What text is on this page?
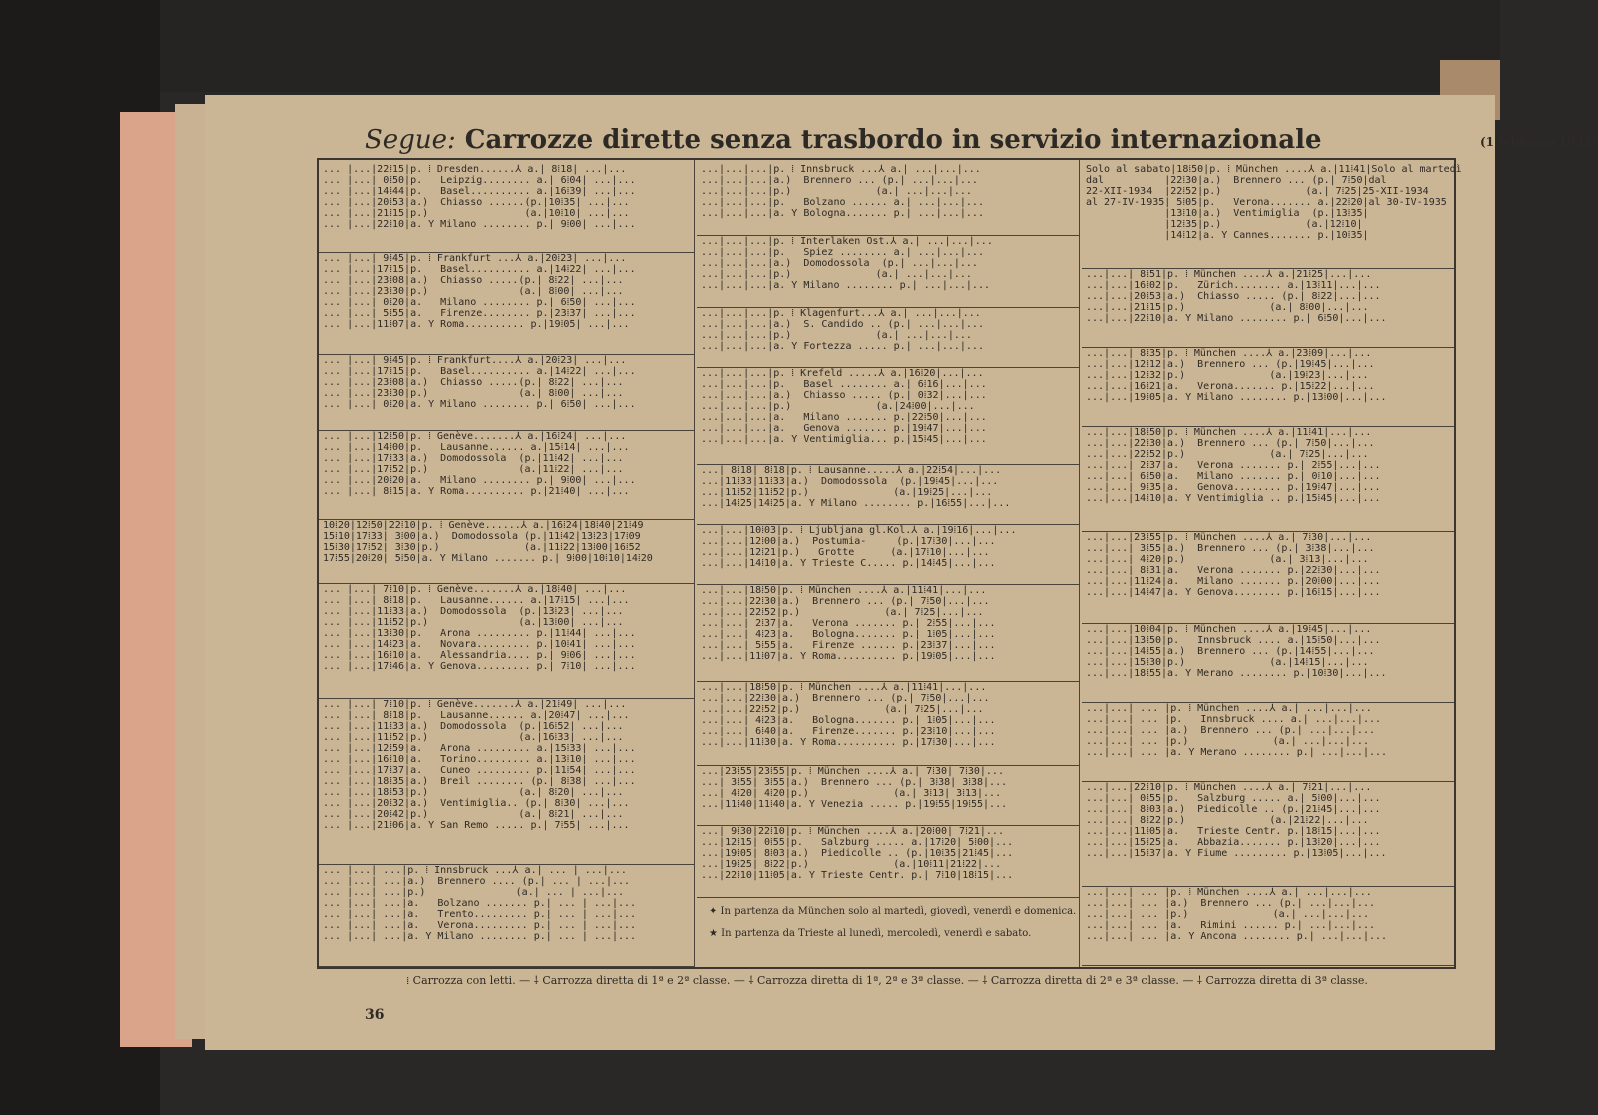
Segue: Carrozze dirette senza trasbordo in servizio internazionale	(1 febbraio 1935)
... |...|22⁞15|p. ⁞ Dresden......⅄ a.| 8⁞18| ...|...
... |...| 0⁞50|p.   Leipzig........ a.| 6⁞04| ...|...
... |...|14⁞44|p.   Basel.......... a.|16⁞39| ...|...
... |...|20⁞53|a.)  Chiasso ......(p.|10⁞35| ...|...
... |...|21⁞15|p.)                (a.|10⁞10| ...|...
... |...|22⁞10|a. Y Milano ........ p.| 9⁞00| ...|...
... |...| 9⁞45|p. ⁞ Frankfurt ...⅄ a.|20⁞23| ...|...
... |...|17⁞15|p.   Basel.......... a.|14⁞22| ...|...
... |...|23⁞08|a.)  Chiasso .....(p.| 8⁞22| ...|...
... |...|23⁞30|p.)               (a.| 8⁞00| ...|...
... |...| 0⁞20|a.   Milano ........ p.| 6⁞50| ...|...
... |...| 5⁞55|a.   Firenze........ p.|23⁞37| ...|...
... |...|11⁞07|a. Y Roma.......... p.|19⁞05| ...|...
... |...| 9⁞45|p. ⁞ Frankfurt....⅄ a.|20⁞23| ...|...
... |...|17⁞15|p.   Basel.......... a.|14⁞22| ...|...
... |...|23⁞08|a.)  Chiasso .....(p.| 8⁞22| ...|...
... |...|23⁞30|p.)               (a.| 8⁞00| ...|...
... |...| 0⁞20|a. Y Milano ........ p.| 6⁞50| ...|...
... |...|12⁞50|p. ⁞ Genève.......⅄ a.|16⁞24| ...|...
... |...|14⁞00|p.   Lausanne...... a.|15⁞14| ...|...
... |...|17⁞33|a.)  Domodossola  (p.|11⁞42| ...|...
... |...|17⁞52|p.)               (a.|11⁞22| ...|...
... |...|20⁞20|a.   Milano ........ p.| 9⁞00| ...|...
... |...| 8⁞15|a. Y Roma.......... p.|21⁞40| ...|...
10⁞20|12⁞50|22⁞10|p. ⁞ Genève......⅄ a.|16⁞24|18⁞40|21⁞49
15⁞10|17⁞33| 3⁞00|a.)  Domodossola (p.|11⁞42|13⁞23|17⁞09
15⁞30|17⁞52| 3⁞30|p.)              (a.|11⁞22|13⁞00|16⁞52
17⁞55|20⁞20| 5⁞50|a. Y Milano ....... p.| 9⁞00|10⁞10|14⁞20
... |...| 7⁞10|p. ⁞ Genève.......⅄ a.|18⁞40| ...|...
... |...| 8⁞18|p.   Lausanne...... a.|17⁞15| ...|...
... |...|11⁞33|a.)  Domodossola  (p.|13⁞23| ...|...
... |...|11⁞52|p.)               (a.|13⁞00| ...|...
... |...|13⁞30|p.   Arona ......... p.|11⁞44| ...|...
... |...|14⁞23|a.   Novara......... p.|10⁞41| ...|...
... |...|16⁞10|a.   Alessandria.... p.| 9⁞06| ...|...
... |...|17⁞46|a. Y Genova......... p.| 7⁞10| ...|...
... |...| 7⁞10|p. ⁞ Genève.......⅄ a.|21⁞49| ...|...
... |...| 8⁞18|p.   Lausanne...... a.|20⁞47| ...|...
... |...|11⁞33|a.)  Domodossola  (p.|16⁞52| ...|...
... |...|11⁞52|p.)               (a.|16⁞33| ...|...
... |...|12⁞59|a.   Arona ......... a.|15⁞33| ...|...
... |...|16⁞10|a.   Torino......... a.|13⁞10| ...|...
... |...|17⁞37|a.   Cuneo ......... p.|11⁞54| ...|...
... |...|18⁞35|a.)  Breil ........ (p.| 8⁞38| ...|...
... |...|18⁞53|p.)               (a.| 8⁞20| ...|...
... |...|20⁞32|a.)  Ventimiglia.. (p.| 8⁞30| ...|...
... |...|20⁞42|p.)               (a.| 8⁞21| ...|...
... |...|21⁞06|a. Y San Remo ..... p.| 7⁞55| ...|...
... |...| ...|p. ⁞ Innsbruck ...⅄ a.| ... | ...|...
... |...| ...|a.)  Brennero .... (p.| ... | ...|...
... |...| ...|p.)               (a.| ... | ...|...
... |...| ...|a.   Bolzano ....... p.| ... | ...|...
... |...| ...|a.   Trento......... p.| ... | ...|...
... |...| ...|a.   Verona......... p.| ... | ...|...
... |...| ...|a. Y Milano ........ p.| ... | ...|...
...|...|...|p. ⁞ Innsbruck ...⅄ a.| ...|...|...
...|...|...|a.)  Brennero ... (p.| ...|...|...
...|...|...|p.)              (a.| ...|...|...
...|...|...|p.   Bolzano ...... a.| ...|...|...
...|...|...|a. Y Bologna....... p.| ...|...|...
...|...|...|p. ⁞ Interlaken Ost.⅄ a.| ...|...|...
...|...|...|p.   Spiez ........ a.| ...|...|...
...|...|...|a.)  Domodossola  (p.| ...|...|...
...|...|...|p.)              (a.| ...|...|...
...|...|...|a. Y Milano ........ p.| ...|...|...
...|...|...|p. ⁞ Klagenfurt...⅄ a.| ...|...|...
...|...|...|a.)  S. Candido .. (p.| ...|...|...
...|...|...|p.)              (a.| ...|...|...
...|...|...|a. Y Fortezza ..... p.| ...|...|...
...|...|...|p. ⁞ Krefeld .....⅄ a.|16⁞20|...|...
...|...|...|p.   Basel ........ a.| 6⁞16|...|...
...|...|...|a.)  Chiasso ..... (p.| 0⁞32|...|...
...|...|...|p.)              (a.|24⁞00|...|...
...|...|...|a.   Milano ....... p.|22⁞50|...|...
...|...|...|a.   Genova ....... p.|19⁞47|...|...
...|...|...|a. Y Ventimiglia... p.|15⁞45|...|...
...| 8⁞18| 8⁞18|p. ⁞ Lausanne.....⅄ a.|22⁞54|...|...
...|11⁞33|11⁞33|a.)  Domodossola  (p.|19⁞45|...|...
...|11⁞52|11⁞52|p.)              (a.|19⁞25|...|...
...|14⁞25|14⁞25|a. Y Milano ........ p.|16⁞55|...|...
...|...|10⁞03|p. ⁞ Ljubljana gl.Kol.⅄ a.|19⁞16|...|...
...|...|12⁞00|a.)  Postumia-     (p.|17⁞30|...|...
...|...|12⁞21|p.)   Grotte      (a.|17⁞10|...|...
...|...|14⁞10|a. Y Trieste C..... p.|14⁞45|...|...
...|...|18⁞50|p. ⁞ München ....⅄ a.|11⁞41|...|...
...|...|22⁞30|a.)  Brennero ... (p.| 7⁞50|...|...
...|...|22⁞52|p.)              (a.| 7⁞25|...|...
...|...| 2⁞37|a.   Verona ....... p.| 2⁞55|...|...
...|...| 4⁞23|a.   Bologna....... p.| 1⁞05|...|...
...|...| 5⁞55|a.   Firenze ...... p.|23⁞37|...|...
...|...|11⁞07|a. Y Roma.......... p.|19⁞05|...|...
...|...|18⁞50|p. ⁞ München ....⅄ a.|11⁞41|...|...
...|...|22⁞30|a.)  Brennero ... (p.| 7⁞50|...|...
...|...|22⁞52|p.)              (a.| 7⁞25|...|...
...|...| 4⁞23|a.   Bologna....... p.| 1⁞05|...|...
...|...| 6⁞40|a.   Firenze....... p.|23⁞10|...|...
...|...|11⁞30|a. Y Roma.......... p.|17⁞30|...|...
...|23⁞55|23⁞55|p. ⁞ München ....⅄ a.| 7⁞30| 7⁞30|...
...| 3⁞55| 3⁞55|a.)  Brennero ... (p.| 3⁞38| 3⁞38|...
...| 4⁞20| 4⁞20|p.)              (a.| 3⁞13| 3⁞13|...
...|11⁞40|11⁞40|a. Y Venezia ..... p.|19⁞55|19⁞55|...
...| 9⁞30|22⁞10|p. ⁞ München ....⅄ a.|20⁞00| 7⁞21|...
...|12⁞15| 0⁞55|p.   Salzburg ..... a.|17⁞20| 5⁞00|...
...|19⁞05| 8⁞03|a.)  Piedicolle .. (p.|10⁞35|21⁞45|...
...|19⁞25| 8⁞22|p.)              (a.|10⁞11|21⁞22|...
...|22⁞10|11⁞05|a. Y Trieste Centr. p.| 7⁞10|18⁞15|...
Solo al sabato|18⁞50|p. ⁞ München ....⅄ a.|11⁞41|Solo al martedì
dal          |22⁞30|a.)  Brennero ... (p.| 7⁞50|dal
22-XII-1934  |22⁞52|p.)              (a.| 7⁞25|25-XII-1934
al 27-IV-1935| 5⁞05|p.   Verona....... a.|22⁞20|al 30-IV-1935
|13⁞10|a.)  Ventimiglia  (p.|13⁞35|
|12⁞35|p.)              (a.|12⁞10|
|14⁞12|a. Y Cannes....... p.|10⁞35|
...|...| 8⁞51|p. ⁞ München ....⅄ a.|21⁞25|...|...
...|...|16⁞02|p.   Zürich........ a.|13⁞11|...|...
...|...|20⁞53|a.)  Chiasso ..... (p.| 8⁞22|...|...
...|...|21⁞15|p.)              (a.| 8⁞00|...|...
...|...|22⁞10|a. Y Milano ........ p.| 6⁞50|...|...
...|...| 8⁞35|p. ⁞ München ....⅄ a.|23⁞09|...|...
...|...|12⁞12|a.)  Brennero ... (p.|19⁞45|...|...
...|...|12⁞32|p.)              (a.|19⁞23|...|...
...|...|16⁞21|a.   Verona....... p.|15⁞22|...|...
...|...|19⁞05|a. Y Milano ........ p.|13⁞00|...|...
...|...|18⁞50|p. ⁞ München ....⅄ a.|11⁞41|...|...
...|...|22⁞30|a.)  Brennero ... (p.| 7⁞50|...|...
...|...|22⁞52|p.)              (a.| 7⁞25|...|...
...|...| 2⁞37|a.   Verona ....... p.| 2⁞55|...|...
...|...| 6⁞50|a.   Milano ....... p.| 0⁞10|...|...
...|...| 9⁞35|a.   Genova........ p.|19⁞47|...|...
...|...|14⁞10|a. Y Ventimiglia .. p.|15⁞45|...|...
...|...|23⁞55|p. ⁞ München ....⅄ a.| 7⁞30|...|...
...|...| 3⁞55|a.)  Brennero ... (p.| 3⁞38|...|...
...|...| 4⁞20|p.)              (a.| 3⁞13|...|...
...|...| 8⁞31|a.   Verona ....... p.|22⁞30|...|...
...|...|11⁞24|a.   Milano ....... p.|20⁞00|...|...
...|...|14⁞47|a. Y Genova........ p.|16⁞15|...|...
...|...|10⁞04|p. ⁞ München ....⅄ a.|19⁞45|...|...
...|...|13⁞50|p.   Innsbruck .... a.|15⁞50|...|...
...|...|14⁞55|a.)  Brennero ... (p.|14⁞55|...|...
...|...|15⁞30|p.)              (a.|14⁞15|...|...
...|...|18⁞55|a. Y Merano ........ p.|10⁞30|...|...
...|...| ... |p. ⁞ München ....⅄ a.| ...|...|...
...|...| ... |p.   Innsbruck .... a.| ...|...|...
...|...| ... |a.)  Brennero ... (p.| ...|...|...
...|...| ... |p.)              (a.| ...|...|...
...|...| ... |a. Y Merano ........ p.| ...|...|...
...|...|22⁞10|p. ⁞ München ....⅄ a.| 7⁞21|...|...
...|...| 0⁞55|p.   Salzburg ..... a.| 5⁞00|...|...
...|...| 8⁞03|a.)  Piedicolle .. (p.|21⁞45|...|...
...|...| 8⁞22|p.)              (a.|21⁞22|...|...
...|...|11⁞05|a.   Trieste Centr. p.|18⁞15|...|...
...|...|15⁞25|a.   Abbazia....... p.|13⁞20|...|...
...|...|15⁞37|a. Y Fiume ......... p.|13⁞05|...|...
...|...| ... |p. ⁞ München ....⅄ a.| ...|...|...
...|...| ... |a.)  Brennero ... (p.| ...|...|...
...|...| ... |p.)              (a.| ...|...|...
...|...| ... |a.   Rimini ...... p.| ...|...|...
...|...| ... |a. Y Ancona ........ p.| ...|...|...
✦ In partenza da München solo al martedì, giovedì, venerdì e domenica.
★ In partenza da Trieste al lunedì, mercoledì, venerdì e sabato.
⁞ Carrozza con letti. — ⸸ Carrozza diretta di 1ª e 2ª classe. — ⸸ Carrozza diretta di 1ª, 2ª e 3ª classe. — ⸸ Carrozza diretta di 2ª e 3ª classe. — ⸸ Carrozza diretta di 3ª classe.
36
